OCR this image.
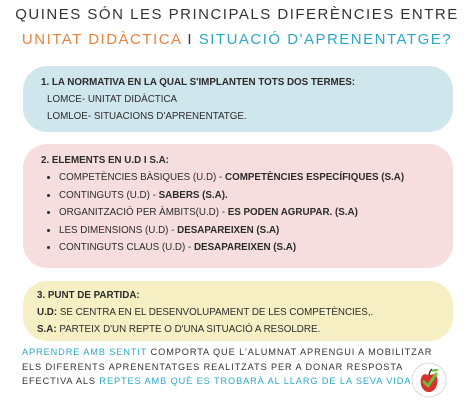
QUINES SÓN LES PRINCIPALS DIFERÈNCIES ENTRE
UNITAT DIDÀCTICA I SITUACIÓ D'APRENENTATGE?
1. LA NORMATIVA EN LA QUAL S'IMPLANTEN TOTS DOS TERMES:
LOMCE- UNITAT DIDÀCTICA
LOMLOE- SITUACIONS D'APRENENTATGE.
2. ELEMENTS EN U.D I S.A:
• COMPETÈNCIES BÀSIQUES (U.D) - COMPETÈNCIES ESPECÍFIQUES (S.A)
• CONTINGUTS (U.D) - SABERS (S.A).
• ORGANITZACIÓ PER ÀMBITS(U.D) - ES PODEN AGRUPAR. (S.A)
• LES DIMENSIONS (U.D) - DESAPAREIXEN (S.A)
• CONTINGUTS CLAUS (U.D) - DESAPAREIXEN (S.A)
3. PUNT DE PARTIDA:
U.D: SE CENTRA EN EL DESENVOLUPAMENT DE LES COMPETÈNCIES,.
S.A: PARTEIX D'UN REPTE O D'UNA SITUACIÓ A RESOLDRE.
APRENDRE AMB SENTIT COMPORTA QUE L'ALUMNAT APRENGUI A MOBILITZAR ELS DIFERENTS APRENENTATGES REALITZATS PER A DONAR RESPOSTA EFECTIVA ALS REPTES AMB QUÈ ES TROBARÀ AL LLARG DE LA SEVA VIDA
